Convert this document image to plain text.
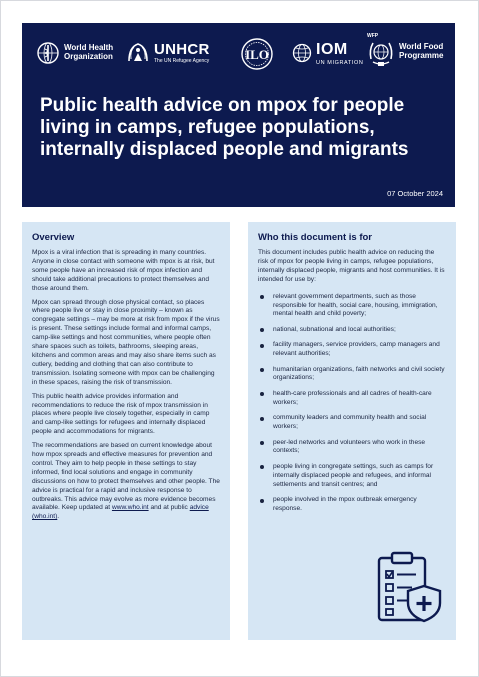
World Health Organization	UNHCR
The UN Refugee Agency	ILO	IOM
UN MIGRATION
WFP
World Food Programme
Public health advice on mpox for people living in camps, refugee populations, internally displaced people and migrants
07 October 2024
Overview

Mpox is a viral infection that is spreading in many countries. Anyone in close contact with someone with mpox is at risk, but some people have an increased risk of mpox infection and should take additional precautions to protect themselves and those around them.

Mpox can spread through close physical contact, so places where people live or stay in close proximity – known as congregate settings – may be more at risk from mpox if the virus is present. These settings include formal and informal camps, camp-like settings and host communities, where people often share spaces such as toilets, bathrooms, sleeping areas, kitchens and common areas and may also share items such as cutlery, bedding and clothing that can also contribute to transmission. Isolating someone with mpox can be challenging in these spaces, raising the risk of transmission.

This public health advice provides information and recommendations to reduce the risk of mpox transmission in places where people live closely together, especially in camp and camp-like settings for refugees and internally displaced people and accommodations for migrants.

The recommendations are based on current knowledge about how mpox spreads and effective measures for prevention and control. They aim to help people in these settings to stay informed, find local solutions and engage in community discussions on how to protect themselves and other people. The advice is practical for a rapid and inclusive response to outbreaks. This advice may evolve as more evidence becomes available. Keep updated at www.who.int and at public advice (who.int).

Who this document is for

This document includes public health advice on reducing the risk of mpox for people living in camps, refugee populations, internally displaced people, migrants and host communities. It is intended for use by:

relevant government departments, such as those responsible for health, social care, housing, immigration, mental health and child poverty;
national, subnational and local authorities;
facility managers, service providers, camp managers and relevant authorities;
humanitarian organizations, faith networks and civil society organizations;
health-care professionals and all cadres of health-care workers;
community leaders and community health and social workers;
peer-led networks and volunteers who work in these contexts;
people living in congregate settings, such as camps for internally displaced people and refugees, and informal settlements and transit centres; and
people involved in the mpox outbreak emergency response.
